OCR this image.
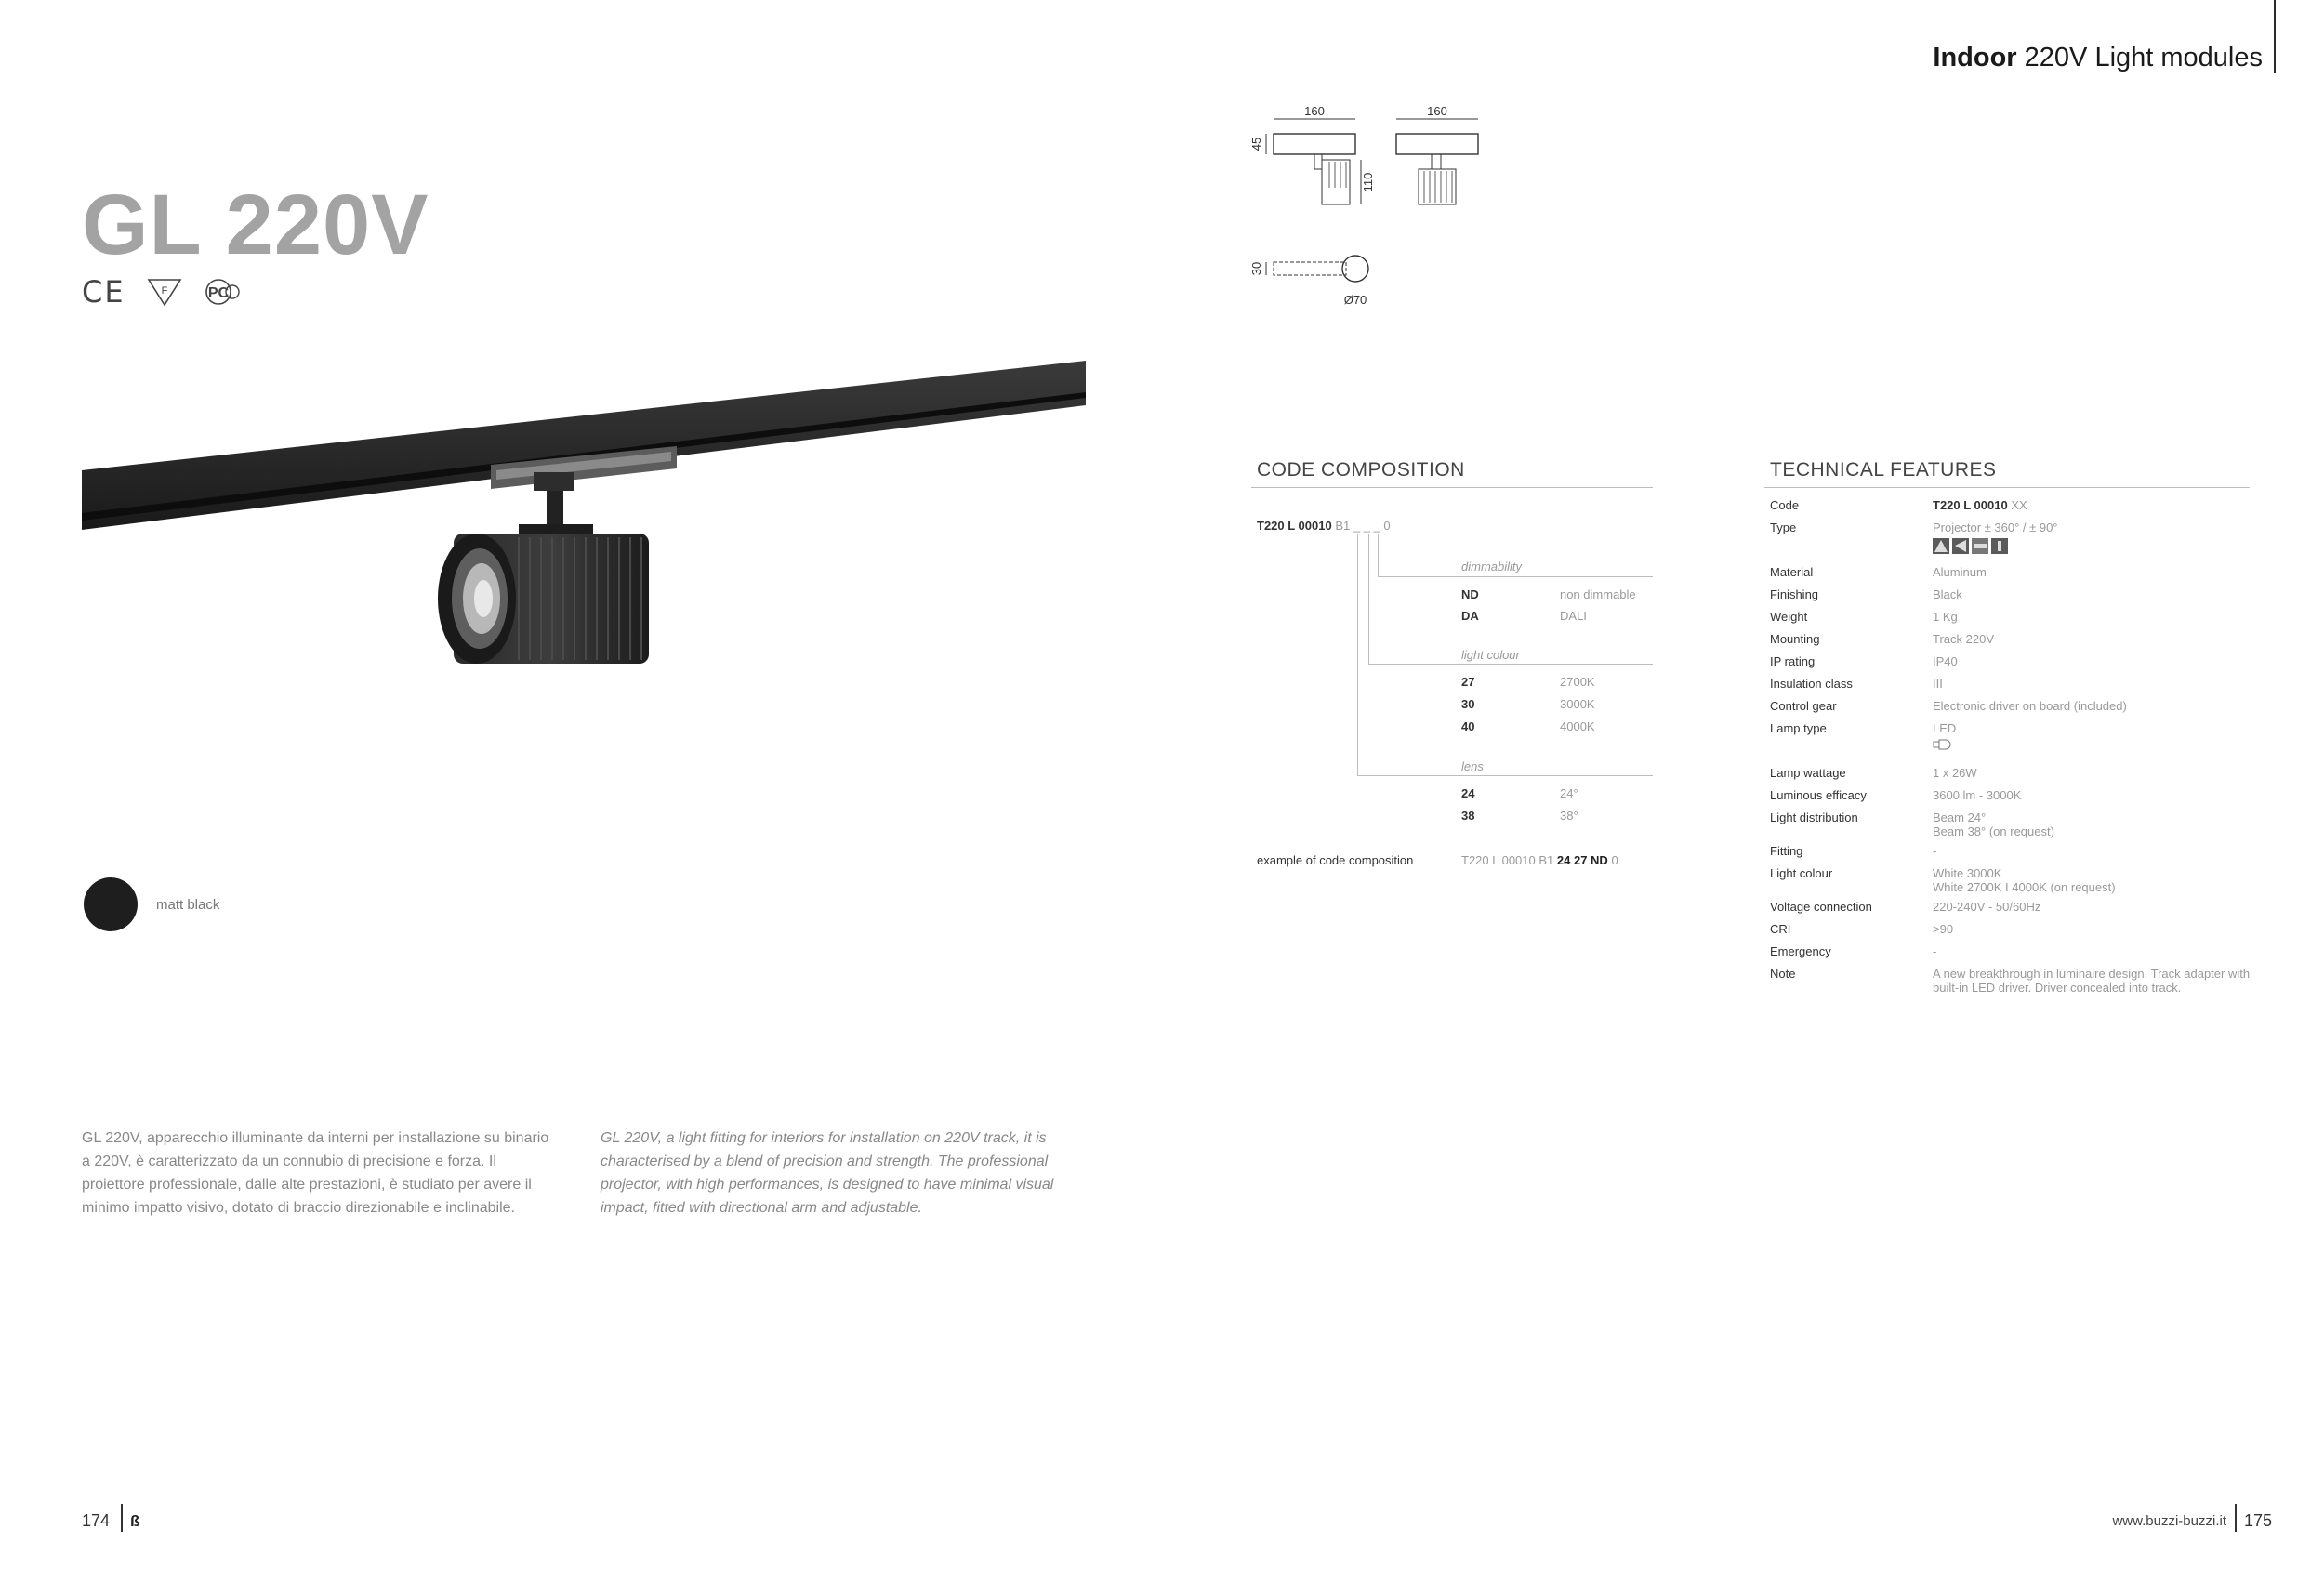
Indoor 220V Light modules
GL 220V
CE	F	PC
160	160
45
110
30
Ø70
CODE COMPOSITION
T220 L 00010 B1 _ _ _ 0
dimmability
ND	non dimmable
DA	DALI
light colour
27	2700K
30	3000K
40	4000K
lens
24	24°
38	38°
example of code composition	T220 L 00010 B1 24 27 ND 0
TECHNICAL FEATURES
Code	T220 L 00010 XX
Type	Projector ± 360° / ± 90°
Material	Aluminum
Finishing	Black
Weight	1 Kg
Mounting	Track 220V
IP rating	IP40
Insulation class	III
Control gear	Electronic driver on board (included)
Lamp type	LED
Lamp wattage	1 x 26W
Luminous efficacy	3600 lm - 3000K
Light distribution	Beam 24°
Beam 38° (on request)
Fitting	-
Light colour	White 3000K
White 2700K I 4000K (on request)
Voltage connection	220-240V - 50/60Hz
CRI	>90
Emergency	-
Note	A new breakthrough in luminaire design. Track adapter with
built-in LED driver. Driver concealed into track.
matt black
GL 220V, apparecchio illuminante da interni per installazione su binario a 220V, è caratterizzato da un connubio di precisione e forza. Il proiettore professionale, dalle alte prestazioni, è studiato per avere il minimo impatto visivo, dotato di braccio direzionabile e inclinabile.
GL 220V, a light fitting for interiors for installation on 220V track, it is characterised by a blend of precision and strength. The professional projector, with high performances, is designed to have minimal visual impact, fitted with directional arm and adjustable.
174 ß	www.buzzi-buzzi.it 175
